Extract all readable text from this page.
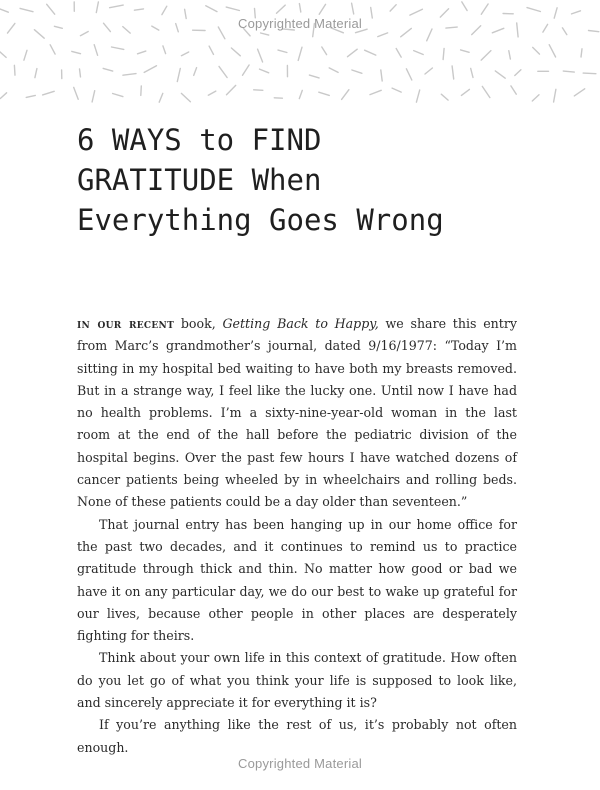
Copyrighted Material
6 WAYS to FIND
GRATITUDE When
Everything Goes Wrong

in our recent book, Getting Back to Happy, we share this entry from Marc’s grandmother’s journal, dated 9/16/1977: “Today I’m sitting in my hospital bed waiting to have both my breasts removed. But in a strange way, I feel like the lucky one. Until now I have had no health problems. I’m a sixty-nine-year-old woman in the last room at the end of the hall before the pediatric division of the hospital begins. Over the past few hours I have watched dozens of cancer patients being wheeled by in wheelchairs and rolling beds. None of these patients could be a day older than seventeen.”

That journal entry has been hanging up in our home office for the past two decades, and it continues to remind us to practice gratitude through thick and thin. No matter how good or bad we have it on any particular day, we do our best to wake up grateful for our lives, because other people in other places are desperately fighting for theirs.

Think about your own life in this context of gratitude. How often do you let go of what you think your life is supposed to look like, and sincerely appreciate it for everything it is?

If you’re anything like the rest of us, it’s probably not often enough.

Copyrighted Material
